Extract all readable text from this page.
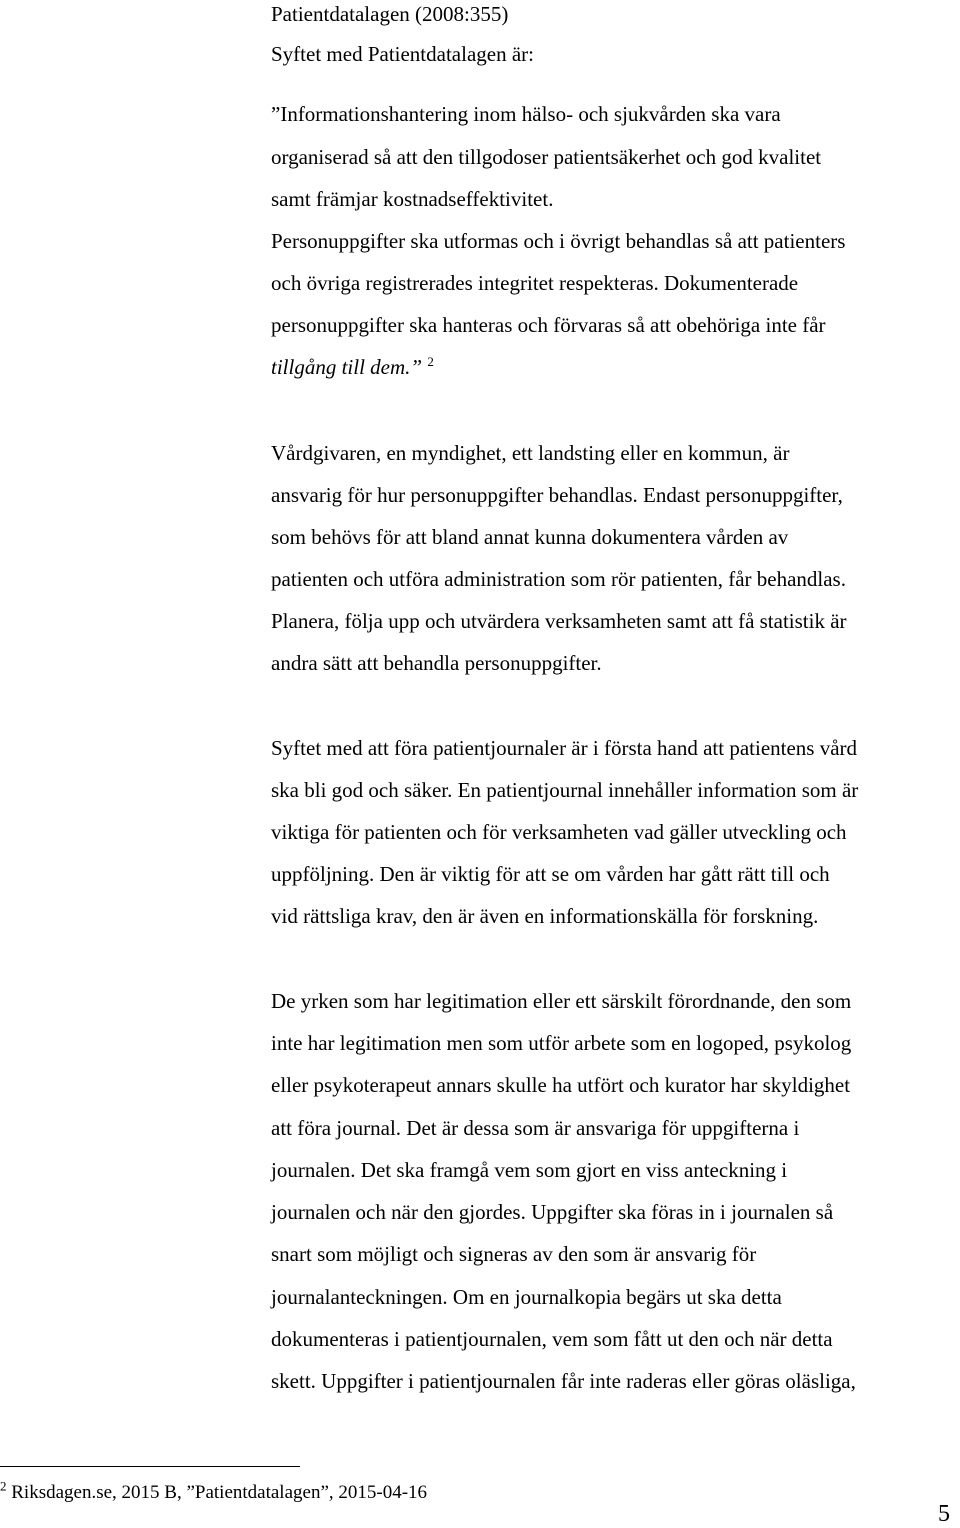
Patientdatalagen (2008:355)
Syftet med Patientdatalagen är:
”Informationshantering inom hälso- och sjukvården ska vara
organiserad så att den tillgodoser patientsäkerhet och god kvalitet
samt främjar kostnadseffektivitet.
Personuppgifter ska utformas och i övrigt behandlas så att patienters
och övriga registrerades integritet respekteras. Dokumenterade
personuppgifter ska hanteras och förvaras så att obehöriga inte får
tillgång till dem.” $^2$
Vårdgivaren, en myndighet, ett landsting eller en kommun, är
ansvarig för hur personuppgifter behandlas. Endast personuppgifter,
som behövs för att bland annat kunna dokumentera vården av
patienten och utföra administration som rör patienten, får behandlas.
Planera, följa upp och utvärdera verksamheten samt att få statistik är
andra sätt att behandla personuppgifter.
Syftet med att föra patientjournaler är i första hand att patientens vård
ska bli god och säker. En patientjournal innehåller information som är
viktiga för patienten och för verksamheten vad gäller utveckling och
uppföljning. Den är viktig för att se om vården har gått rätt till och
vid rättsliga krav, den är även en informationskälla för forskning.
De yrken som har legitimation eller ett särskilt förordnande, den som
inte har legitimation men som utför arbete som en logoped, psykolog
eller psykoterapeut annars skulle ha utfört och kurator har skyldighet
att föra journal. Det är dessa som är ansvariga för uppgifterna i
journalen. Det ska framgå vem som gjort en viss anteckning i
journalen och när den gjordes. Uppgifter ska föras in i journalen så
snart som möjligt och signeras av den som är ansvarig för
journalanteckningen. Om en journalkopia begärs ut ska detta
dokumenteras i patientjournalen, vem som fått ut den och när detta
skett. Uppgifter i patientjournalen får inte raderas eller göras oläsliga,
$^2$ Riksdagen.se, 2015 B, ”Patientdatalagen”, 2015-04-16
5
